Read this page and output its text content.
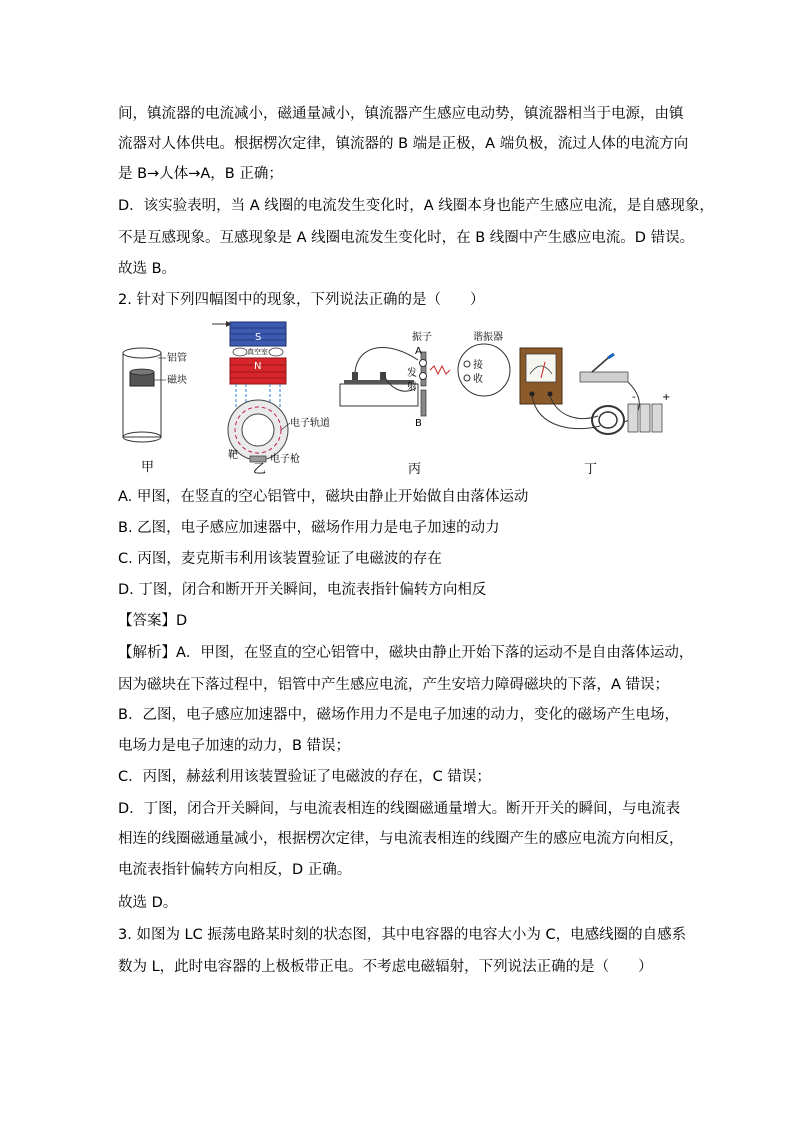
间，镇流器的电流减小，磁通量减小，镇流器产生感应电动势，镇流器相当于电源，由镇
流器对人体供电。根据楞次定律，镇流器的 B 端是正极，A 端负极，流过人体的电流方向
是 B→人体→A，B 正确；
D．该实验表明，当 A 线圈的电流发生变化时，A 线圈本身也能产生感应电流，是自感现象，
不是互感现象。互感现象是 A 线圈电流发生变化时，在 B 线圈中产生感应电流。D 错误。
故选 B。
2. 针对下列四幅图中的现象，下列说法正确的是（　　）
铝管
磁块
甲
S
真空室
N
电子轨道
靶	电子枪
乙
振子
A
B
发
射
接
收
谐振器
丙
-	+
丁
A. 甲图，在竖直的空心铝管中，磁块由静止开始做自由落体运动
B. 乙图，电子感应加速器中，磁场作用力是电子加速的动力
C. 丙图，麦克斯韦利用该装置验证了电磁波的存在
D. 丁图，闭合和断开开关瞬间，电流表指针偏转方向相反
【答案】D
【解析】A．甲图，在竖直的空心铝管中，磁块由静止开始下落的运动不是自由落体运动，
因为磁块在下落过程中，铝管中产生感应电流，产生安培力障碍磁块的下落，A 错误；
B．乙图，电子感应加速器中，磁场作用力不是电子加速的动力，变化的磁场产生电场，
电场力是电子加速的动力，B 错误；
C．丙图，赫兹利用该装置验证了电磁波的存在，C 错误；
D．丁图，闭合开关瞬间，与电流表相连的线圈磁通量增大。断开开关的瞬间，与电流表
相连的线圈磁通量减小，根据楞次定律，与电流表相连的线圈产生的感应电流方向相反，
电流表指针偏转方向相反，D 正确。
故选 D。
3. 如图为 LC 振荡电路某时刻的状态图，其中电容器的电容大小为 C，电感线圈的自感系
数为 L，此时电容器的上极板带正电。不考虑电磁辐射，下列说法正确的是（　　）
